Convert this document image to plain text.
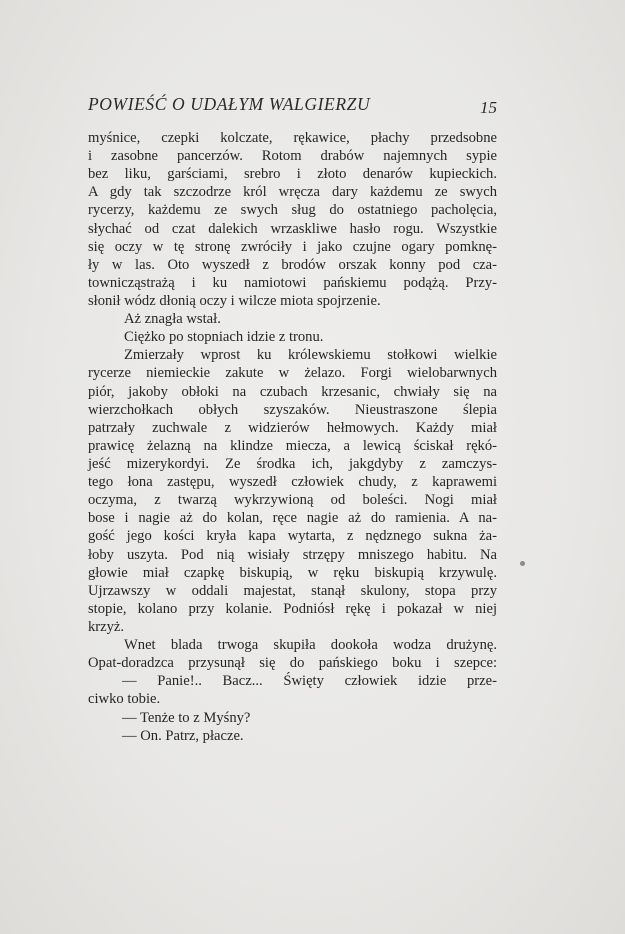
POWIEŚĆ O UDAŁYM WALGIERZU	15
myśnice, czepki kolczate, rękawice, płachy przedsobne
i zasobne pancerzów. Rotom drabów najemnych sypie
bez liku, garściami, srebro i złoto denarów kupieckich.
A gdy tak szczodrze król wręcza dary każdemu ze swych
rycerzy, każdemu ze swych sług do ostatniego pacholęcia,
słychać od czat dalekich wrzaskliwe hasło rogu. Wszystkie
się oczy w tę stronę zwróciły i jako czujne ogary pomknę-
ły w las. Oto wyszedł z brodów orszak konny pod cza-
townicząstrażą i ku namiotowi pańskiemu podążą. Przy-
słonił wódz dłonią oczy i wilcze miota spojrzenie.
Aż znagła wstał.
Ciężko po stopniach idzie z tronu.
Zmierzały wprost ku królewskiemu stołkowi wielkie
rycerze niemieckie zakute w żelazo. Forgi wielobarwnych
piór, jakoby obłoki na czubach krzesanic, chwiały się na
wierzchołkach obłych szyszaków. Nieustraszone ślepia
patrzały zuchwale z widzierów hełmowych. Każdy miał
prawicę żelazną na klindze miecza, a lewicą ściskał rękó-
jeść mizerykordyi. Ze środka ich, jakgdyby z zamczys-
tego łona zastępu, wyszedł człowiek chudy, z kaprawemi
oczyma, z twarzą wykrzywioną od boleści. Nogi miał
bose i nagie aż do kolan, ręce nagie aż do ramienia. A na-
gość jego kości kryła kapa wytarta, z nędznego sukna ża-
łoby uszyta. Pod nią wisiały strzępy mniszego habitu. Na
głowie miał czapkę biskupią, w ręku biskupią krzywulę.
Ujrzawszy w oddali majestat, stanął skulony, stopa przy
stopie, kolano przy kolanie. Podniósł rękę i pokazał w niej
krzyż.
Wnet blada trwoga skupiła dookoła wodza drużynę.
Opat-doradzca przysunął się do pańskiego boku i szepce:
— Panie!.. Bacz... Święty człowiek idzie prze-
ciwko tobie.
— Tenże to z Myśny?
— On. Patrz, płacze.
